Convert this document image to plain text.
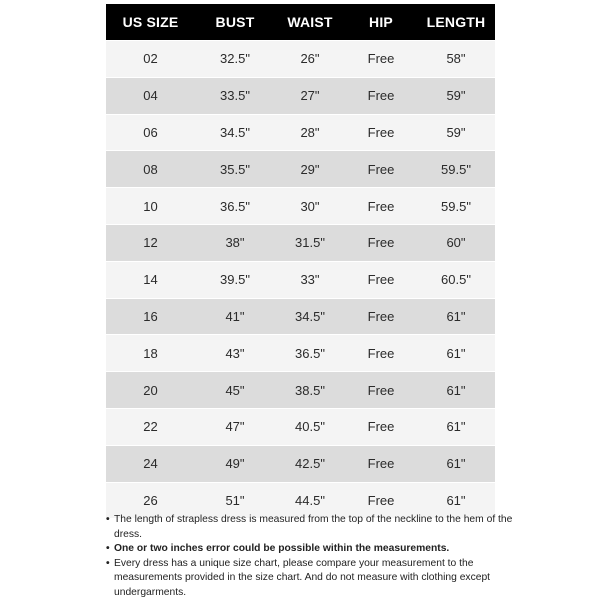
US SIZE	BUST	WAIST	HIP	LENGTH
02	32.5"	26"	Free	58"
04	33.5"	27"	Free	59"
06	34.5"	28"	Free	59"
08	35.5"	29"	Free	59.5"
10	36.5"	30"	Free	59.5"
12	38"	31.5"	Free	60"
14	39.5"	33"	Free	60.5"
16	41"	34.5"	Free	61"
18	43"	36.5"	Free	61"
20	45"	38.5"	Free	61"
22	47"	40.5"	Free	61"
24	49"	42.5"	Free	61"
26	51"	44.5"	Free	61"
• The length of strapless dress is measured from the top of the neckline to the hem of the dress.
• One or two inches error could be possible within the measurements.
• Every dress has a unique size chart, please compare your measurement to the measurements provided in the size chart. And do not measure with clothing except undergarments.
